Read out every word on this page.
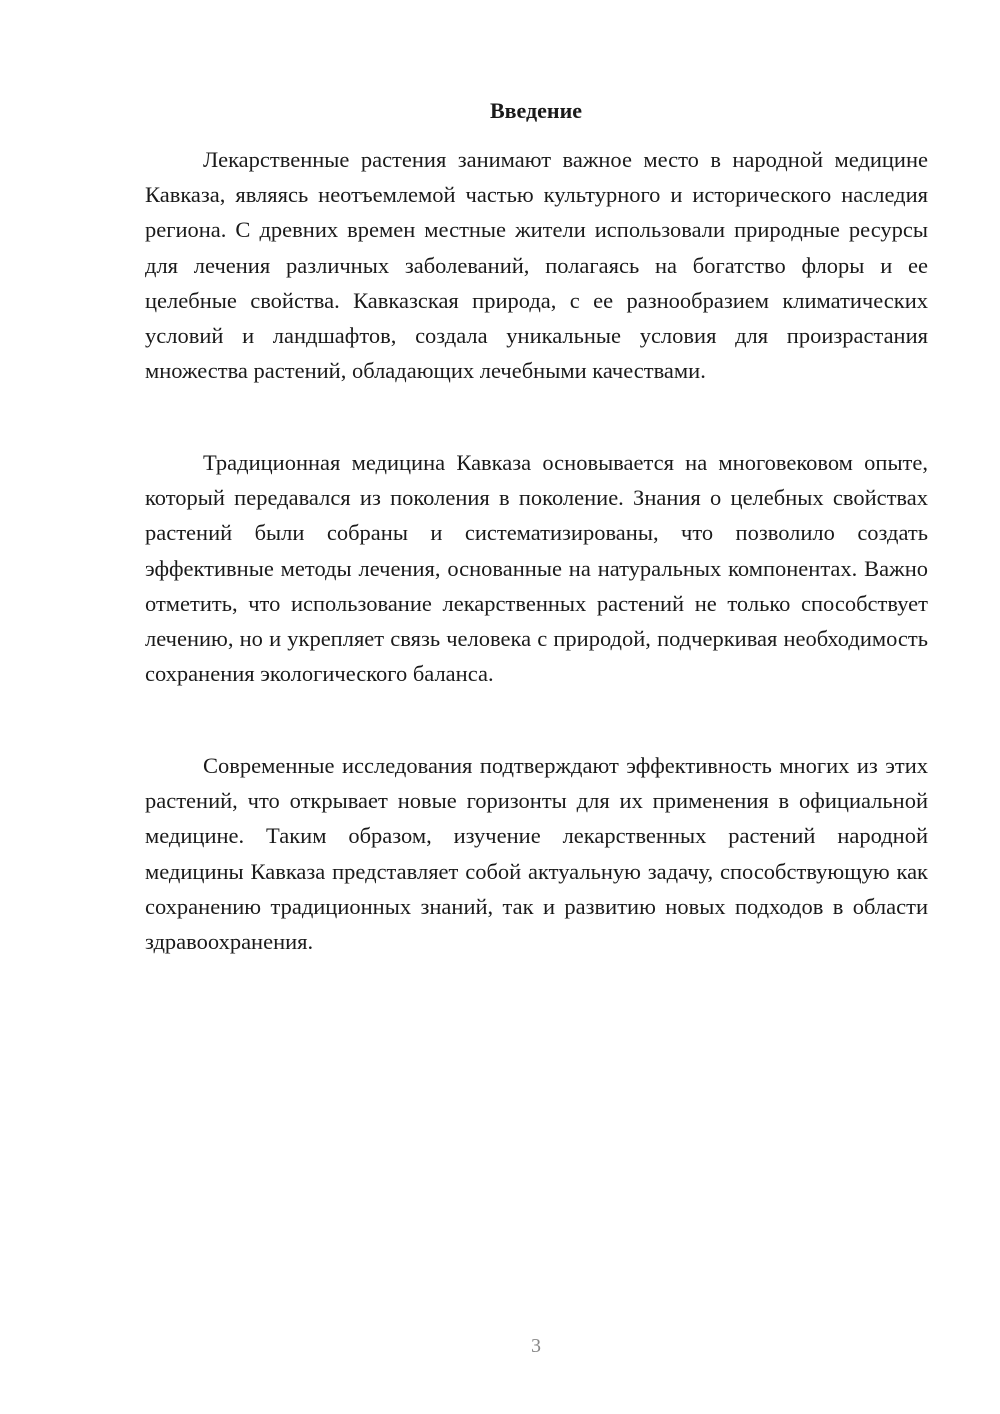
Введение

Лекарственные растения занимают важное место в народной медицине Кавказа, являясь неотъемлемой частью культурного и исторического наследия региона. С древних времен местные жители использовали природные ресурсы для лечения различных заболеваний, полагаясь на богатство флоры и ее целебные свойства. Кавказская природа, с ее разнообразием климатических условий и ландшафтов, создала уникальные условия для произрастания множества растений, обладающих лечебными качествами.

Традиционная медицина Кавказа основывается на многовековом опыте, который передавался из поколения в поколение. Знания о целебных свойствах растений были собраны и систематизированы, что позволило создать эффективные методы лечения, основанные на натуральных компонентах. Важно отметить, что использование лекарственных растений не только способствует лечению, но и укрепляет связь человека с природой, подчеркивая необходимость сохранения экологического баланса.

Современные исследования подтверждают эффективность многих из этих растений, что открывает новые горизонты для их применения в официальной медицине. Таким образом, изучение лекарственных растений народной медицины Кавказа представляет собой актуальную задачу, способствующую как сохранению традиционных знаний, так и развитию новых подходов в области здравоохранения.

3
